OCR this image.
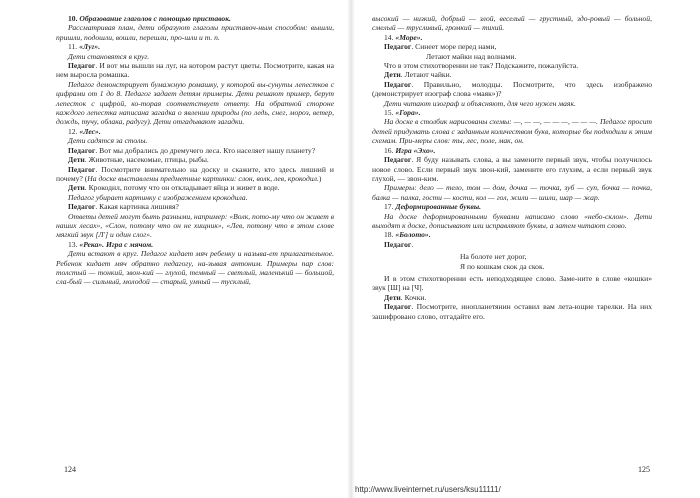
10. Образование глаголов с помощью приставок.

Рассматривая план, дети образуют глаголы приставоч-ным способом: вышли, пришли, подошли, вошли, перешли, про-шли и т. п.

11. «Луг».

Дети становятся в круг.

Педагог. И вот мы вышли на луг, на котором растут цветы. Посмотрите, какая на нем выросла ромашка.

Педагог демонстрирует бумажную ромашку, у которой вы-сунуты лепестков с цифрами от 1 до 8. Педагог задает детям примеры. Дети решают пример, берут лепесток с цифрой, ко-торая соответствует ответу. На обратной стороне каждого лепестка написана загадка о явлении природы (по ледь, снег, мороз, ветер, дождь, тучу, облака, радугу). Дети отгадывают загадки.

12. «Лес».

Дети садятся за столы.

Педагог. Вот мы добрались до дремучего леса. Кто населяет нашу планету?

Дети. Животные, насекомые, птицы, рыбы.

Педагог. Посмотрите внимательно на доску и скажите, кто здесь лишний и почему? (На доске выставлены предметные картинки: слон, волк, лев, крокодил.)

Дети. Крокодил, потому что он откладывает яйца и живет в воде.

Педагог убирает картинку с изображением крокодила.

Педагог. Какая картинка лишняя?

Ответы детей могут быть разными, например: «Волк, пото-му что он живет в наших лесах», «Слон, потому что он не хищник», «Лев, потому что в этом слове мягкий звук [Л'] и один слог».

13. «Река». Игра с мячом.

Дети встают в круг. Педагог кидает мяч ребенку и называ-ет прилагательное. Ребенок кидает мяч обратно педагогу, на-зывая антоним. Примеры пар слов: толстый — тонкий, звон-кий — глухой, темный — светлый, маленький — большой, сла-бый — сильный, молодой — старый, умный — тусклый,

124

высокий — низкий, добрый — злой, веселый — грустный, здо-ровый — больной, смелый — трусливый, громкий — тихий.

14. «Море».

Педагог. Синеет море перед нами,

Летают майки над волнами.

Что в этом стихотворении не так? Подскажите, пожалуйста.

Дети. Летают чайки.

Педагог. Правильно, молодцы. Посмотрите, что здесь изображено (демонстрирует изограф слова «маяк»)?

Дети читают изограф и объясняют, для чего нужен маяк.

15. «Гора».

На доске в столбик нарисованы схемы: —, — —, — — —, — — —. Педагог просит детей придумать слова с заданным количеством букв, которые бы подходили к этим схемам. При-меры слов: ты, лес, поле, мак, он.

16. Игра «Эхо».

Педагог. Я буду называть слова, а вы замените первый звук, чтобы получилось новое слово. Если первый звук звон-кий, замените его глухим, а если первый звук глухой, — звон-ким.

Примеры: дело — тело, том — дом, дочка — точка, зуб — суп, бочка — почка, балка — палка, гости — кости, кол — гол, жили — шили, шар — жар.

17. Деформированные буквы.

На доске деформированными буквами написано слово «небо-склон». Дети выходят к доске, дописывают или исправляют буквы, а затем читают слово.

18. «Болото».

Педагог.

На болоте нет дорог,
Я по кошкам скок да скок.

И в этом стихотворении есть неподходящее слово. Заме-ните в слове «кошки» звук [Ш] на [Ч].

Дети. Кочки.

Педагог. Посмотрите, инопланетянин оставил вам лета-ющие тарелки. На них зашифровано слово, отгадайте его.

125
http://www.liveinternet.ru/users/ksu11111/
